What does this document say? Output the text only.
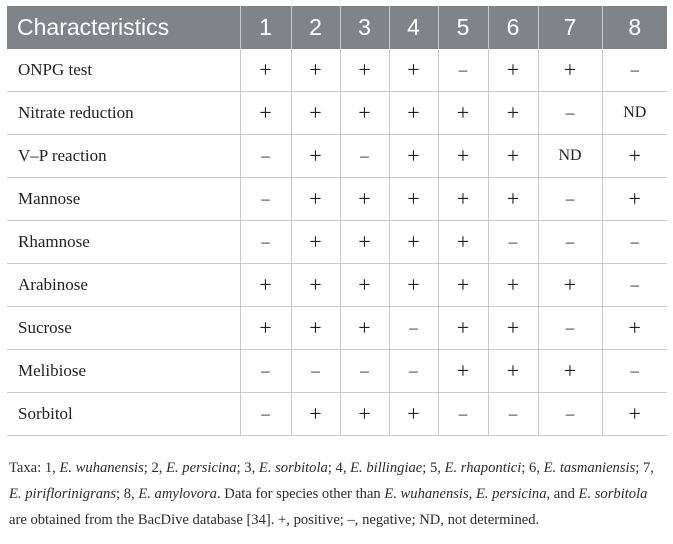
Characteristics	1	2	3	4	5	6	7	8
ONPG test	+	+	+	+	–	+	+	–
Nitrate reduction	+	+	+	+	+	+	–	ND
V–P reaction	–	+	–	+	+	+	ND	+
Mannose	–	+	+	+	+	+	–	+
Rhamnose	–	+	+	+	+	–	–	–
Arabinose	+	+	+	+	+	+	+	–
Sucrose	+	+	+	–	+	+	–	+
Melibiose	–	–	–	–	+	+	+	–
Sorbitol	–	+	+	+	–	–	–	+
Taxa: 1, E. wuhanensis; 2, E. persicina; 3, E. sorbitola; 4, E. billingiae; 5, E. rhapontici; 6, E. tasmaniensis; 7, E. piriflorinigrans; 8, E. amylovora. Data for species other than E. wuhanensis, E. persicina, and E. sorbitola are obtained from the BacDive database [34]. +, positive; –, negative; ND, not determined.
